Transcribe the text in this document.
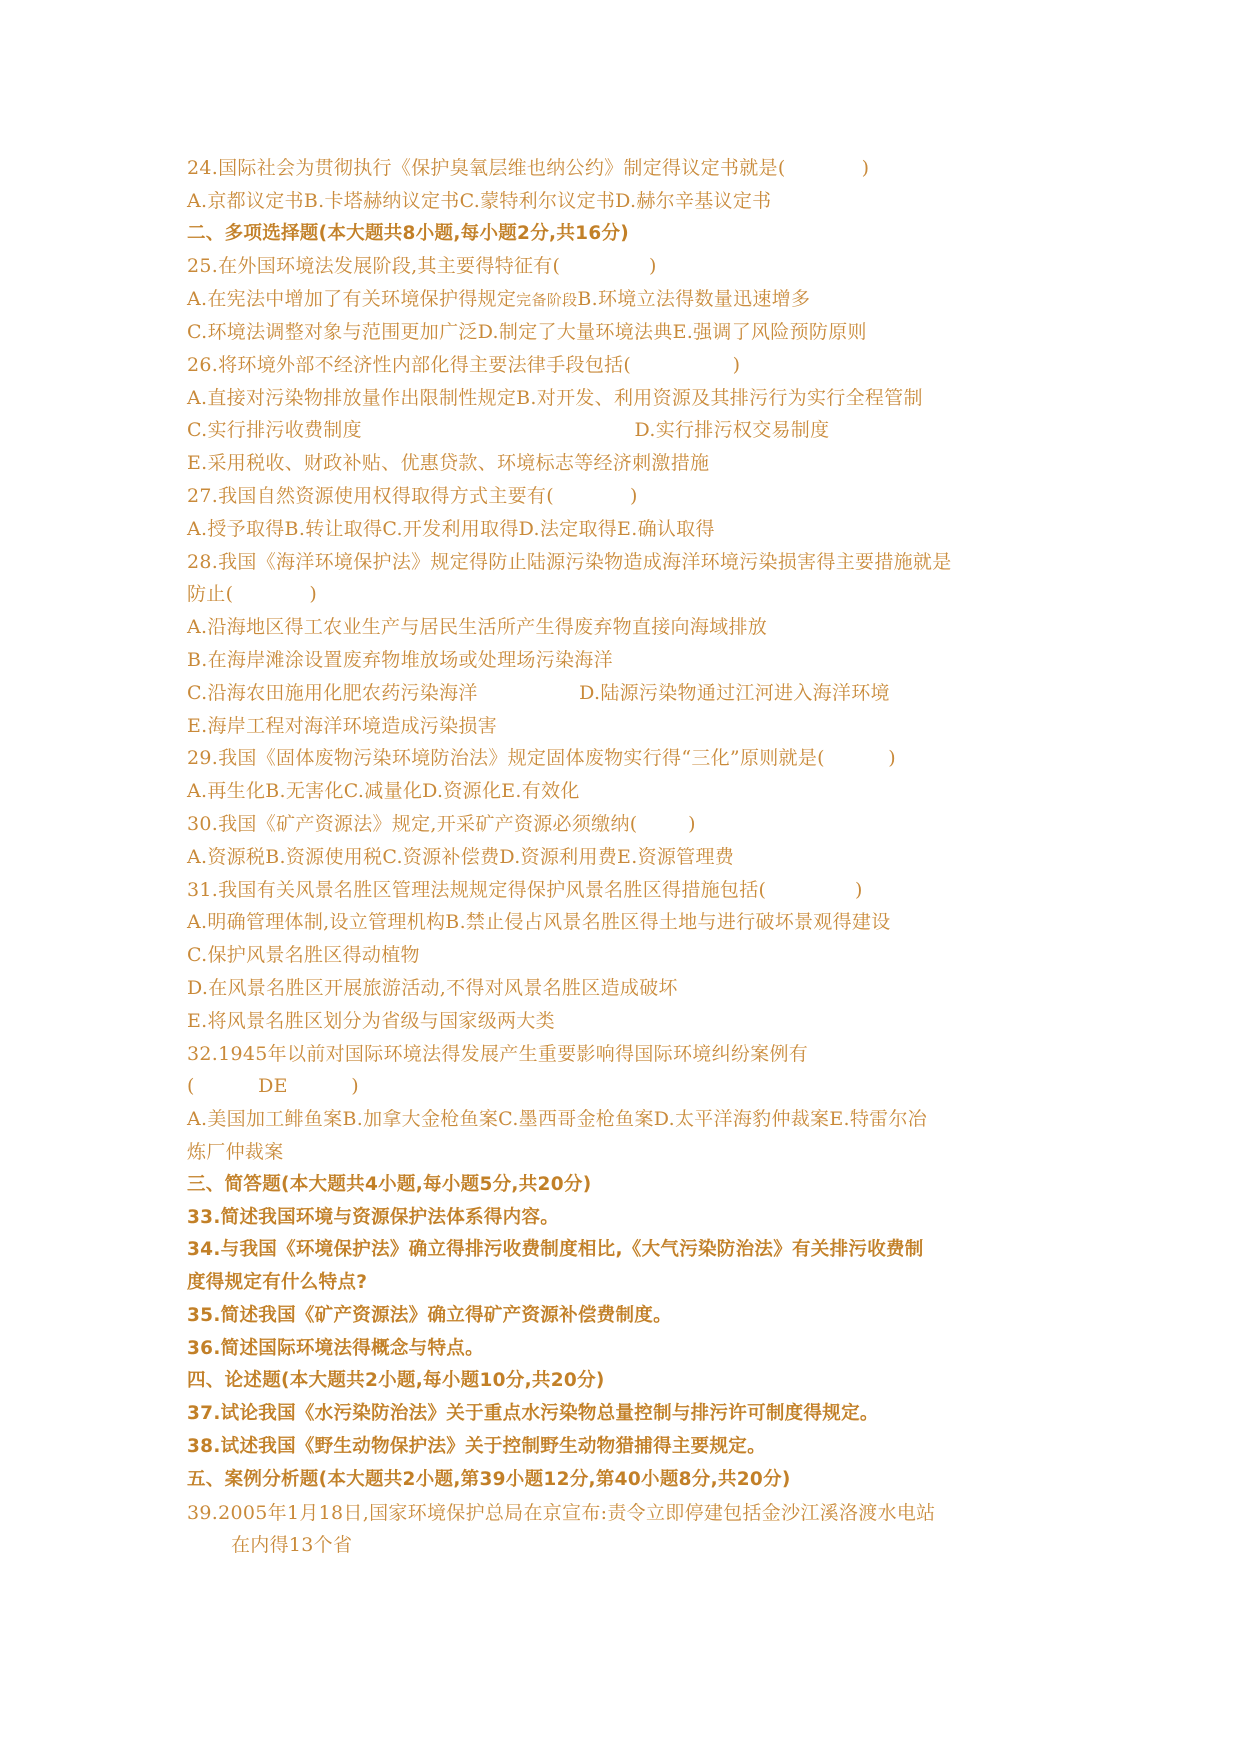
24.国际社会为贯彻执行《保护臭氧层维也纳公约》制定得议定书就是(            )
A.京都议定书B.卡塔赫纳议定书C.蒙特利尔议定书D.赫尔辛基议定书
二、多项选择题(本大题共8小题,每小题2分,共16分)
25.在外国环境法发展阶段,其主要得特征有(              )
A.在宪法中增加了有关环境保护得规定完备阶段B.环境立法得数量迅速增多
C.环境法调整对象与范围更加广泛D.制定了大量环境法典E.强调了风险预防原则
26.将环境外部不经济性内部化得主要法律手段包括(                )
A.直接对污染物排放量作出限制性规定B.对开发、利用资源及其排污行为实行全程管制
C.实行排污收费制度                                           D.实行排污权交易制度
E.采用税收、财政补贴、优惠贷款、环境标志等经济刺激措施
27.我国自然资源使用权得取得方式主要有(            )
A.授予取得B.转让取得C.开发利用取得D.法定取得E.确认取得
28.我国《海洋环境保护法》规定得防止陆源污染物造成海洋环境污染损害得主要措施就是
防止(            )
A.沿海地区得工农业生产与居民生活所产生得废弃物直接向海域排放
B.在海岸滩涂设置废弃物堆放场或处理场污染海洋
C.沿海农田施用化肥农药污染海洋                D.陆源污染物通过江河进入海洋环境
E.海岸工程对海洋环境造成污染损害
29.我国《固体废物污染环境防治法》规定固体废物实行得“三化”原则就是(          )
A.再生化B.无害化C.减量化D.资源化E.有效化
30.我国《矿产资源法》规定,开采矿产资源必须缴纳(        )
A.资源税B.资源使用税C.资源补偿费D.资源利用费E.资源管理费
31.我国有关风景名胜区管理法规规定得保护风景名胜区得措施包括(              )
A.明确管理体制,设立管理机构B.禁止侵占风景名胜区得土地与进行破坏景观得建设
C.保护风景名胜区得动植物
D.在风景名胜区开展旅游活动,不得对风景名胜区造成破坏
E.将风景名胜区划分为省级与国家级两大类
32.1945年以前对国际环境法得发展产生重要影响得国际环境纠纷案例有
(          DE          )
A.美国加工鲱鱼案B.加拿大金枪鱼案C.墨西哥金枪鱼案D.太平洋海豹仲裁案E.特雷尔冶
炼厂仲裁案
三、简答题(本大题共4小题,每小题5分,共20分)
33.简述我国环境与资源保护法体系得内容。
34.与我国《环境保护法》确立得排污收费制度相比,《大气污染防治法》有关排污收费制
度得规定有什么特点?
35.简述我国《矿产资源法》确立得矿产资源补偿费制度。
36.简述国际环境法得概念与特点。
四、论述题(本大题共2小题,每小题10分,共20分)
37.试论我国《水污染防治法》关于重点水污染物总量控制与排污许可制度得规定。
38.试述我国《野生动物保护法》关于控制野生动物猎捕得主要规定。
五、案例分析题(本大题共2小题,第39小题12分,第40小题8分,共20分)
39.2005年1月18日,国家环境保护总局在京宣布:责令立即停建包括金沙江溪洛渡水电站
在内得13个省
